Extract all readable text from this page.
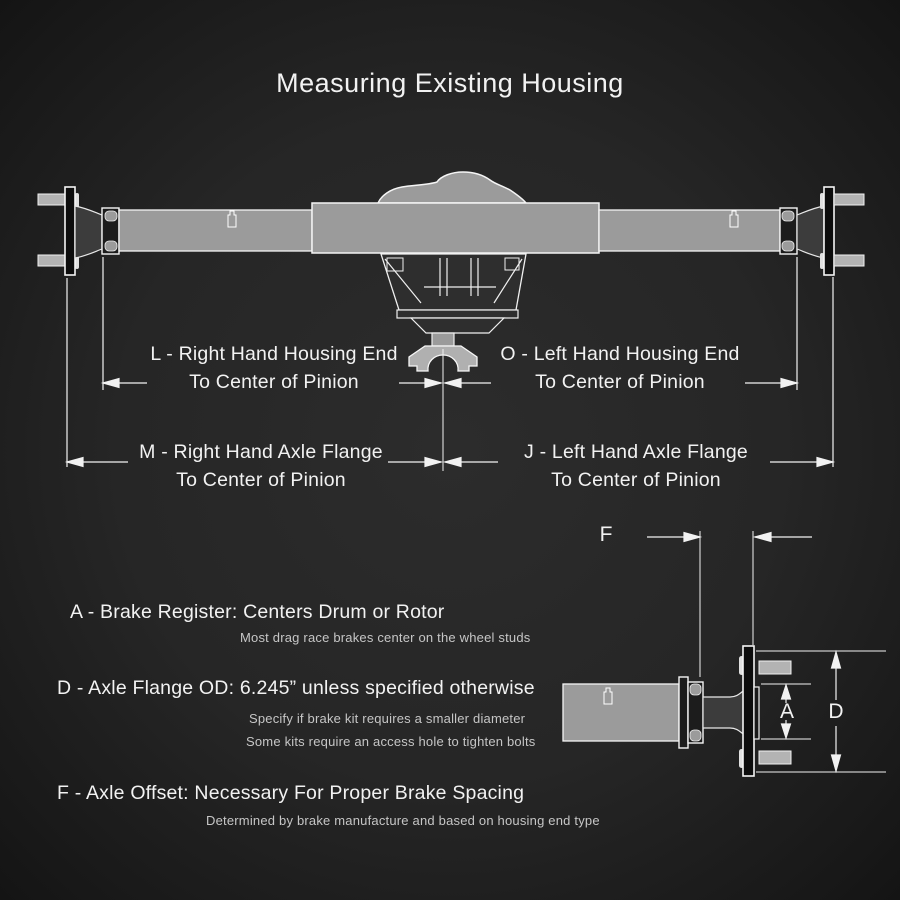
Measuring Existing Housing
L - Right Hand Housing End
To Center of Pinion
O - Left Hand Housing End
To Center of Pinion
M - Right Hand Axle Flange
To Center of Pinion
J - Left Hand Axle Flange
To Center of Pinion
A - Brake Register: Centers Drum or Rotor
Most drag race brakes center on the wheel studs
D - Axle Flange OD: 6.245” unless specified otherwise
Specify if brake kit requires a smaller diameter
Some kits require an access hole to tighten bolts
F - Axle Offset: Necessary For Proper Brake Spacing
Determined by brake manufacture and based on housing end type
F
A D
